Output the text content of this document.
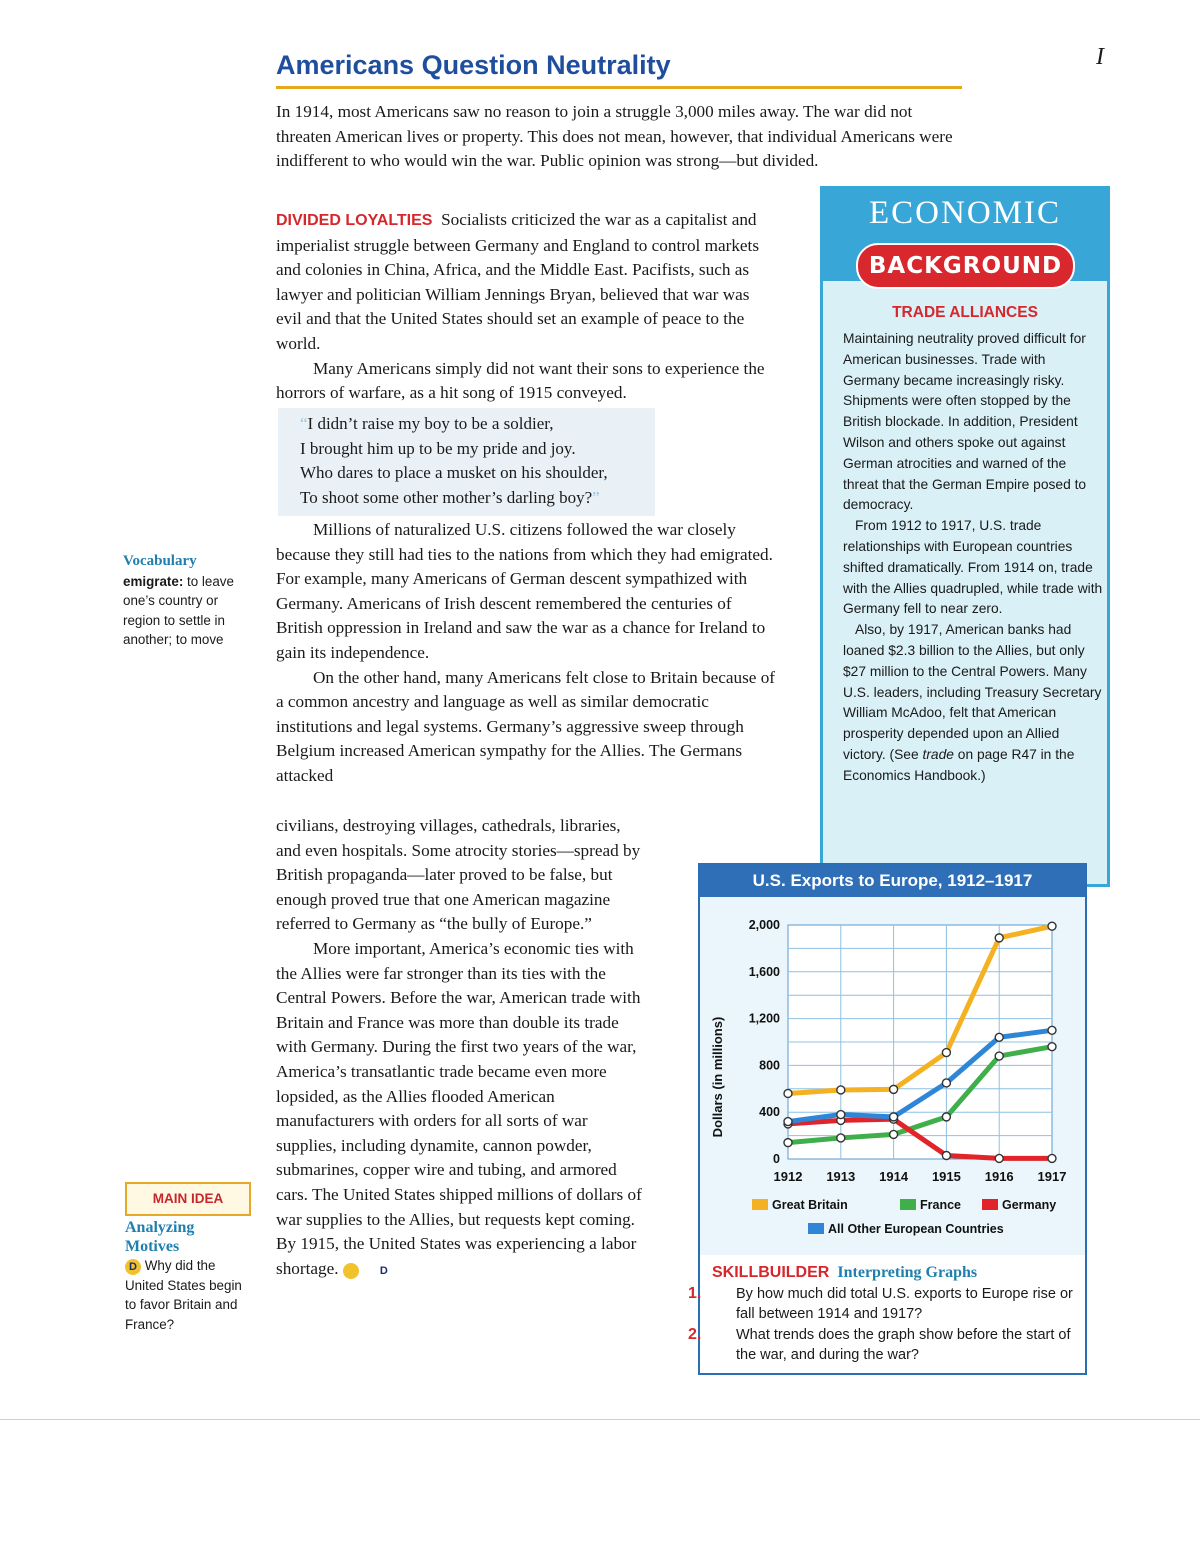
Americans Question Neutrality	I

In 1914, most Americans saw no reason to join a struggle 3,000 miles away. The war did not threaten American lives or property. This does not mean, however, that individual Americans were indifferent to who would win the war. Public opinion was strong—but divided.

DIVIDED LOYALTIES Socialists criticized the war as a capitalist and imperialist struggle between Germany and England to control markets and colonies in China, Africa, and the Middle East. Pacifists, such as lawyer and politician William Jennings Bryan, believed that war was evil and that the United States should set an example of peace to the world.

Many Americans simply did not want their sons to experience the horrors of warfare, as a hit song of 1915 conveyed.

“I didn’t raise my boy to be a soldier,
I brought him up to be my pride and joy.
Who dares to place a musket on his shoulder,
To shoot some other mother’s darling boy?”

Millions of naturalized U.S. citizens followed the war closely because they still had ties to the nations from which they had emigrated. For example, many Americans of German descent sympathized with Germany. Americans of Irish descent remembered the centuries of British oppression in Ireland and saw the war as a chance for Ireland to gain its independence.

On the other hand, many Americans felt close to Britain because of a common ancestry and language as well as similar democratic institutions and legal systems. Germany’s aggressive sweep through Belgium increased American sympathy for the Allies. The Germans attacked

civilians, destroying villages, cathedrals, libraries, and even hospitals. Some atrocity stories—spread by British propaganda—later proved to be false, but enough proved true that one American magazine referred to Germany as “the bully of Europe.”

More important, America’s economic ties with the Allies were far stronger than its ties with the Central Powers. Before the war, American trade with Britain and France was more than double its trade with Germany. During the first two years of the war, America’s transatlantic trade became even more lopsided, as the Allies flooded American manufacturers with orders for all sorts of war supplies, including dynamite, cannon powder, submarines, copper wire and tubing, and armored cars. The United States shipped millions of dollars of war supplies to the Allies, but requests kept coming. By 1915, the United States was experiencing a labor shortage.	D

Vocabulary
emigrate: to leave one’s country or region to settle in another; to move
MAIN IDEA
Analyzing
Motives
D Why did the United States begin to favor Britain and France?
ECONOMIC
BACKGROUND
TRADE ALLIANCES

Maintaining neutrality proved difficult for American businesses. Trade with Germany became increasingly risky. Shipments were often stopped by the British blockade. In addition, President Wilson and others spoke out against German atrocities and warned of the threat that the German Empire posed to democracy.

From 1912 to 1917, U.S. trade relationships with European countries shifted dramatically. From 1914 on, trade with the Allies quadrupled, while trade with Germany fell to near zero.

Also, by 1917, American banks had loaned $2.3 billion to the Allies, but only $27 million to the Central Powers. Many U.S. leaders, including Treasury Secretary William McAdoo, felt that American prosperity depended upon an Allied victory. (See trade on page R47 in the Economics Handbook.)

U.S. Exports to Europe, 1912–1917
0
400
800
1,200
1,600
2,000
1912 1913 1914 1915 1916 1917
Dollars (in millions)
Great Britain	France	Germany
All Other European Countries
SKILLBUILDER Interpreting Graphs

1. By how much did total U.S. exports to Europe rise or fall between 1914 and 1917?

2. What trends does the graph show before the start of the war, and during the war?
